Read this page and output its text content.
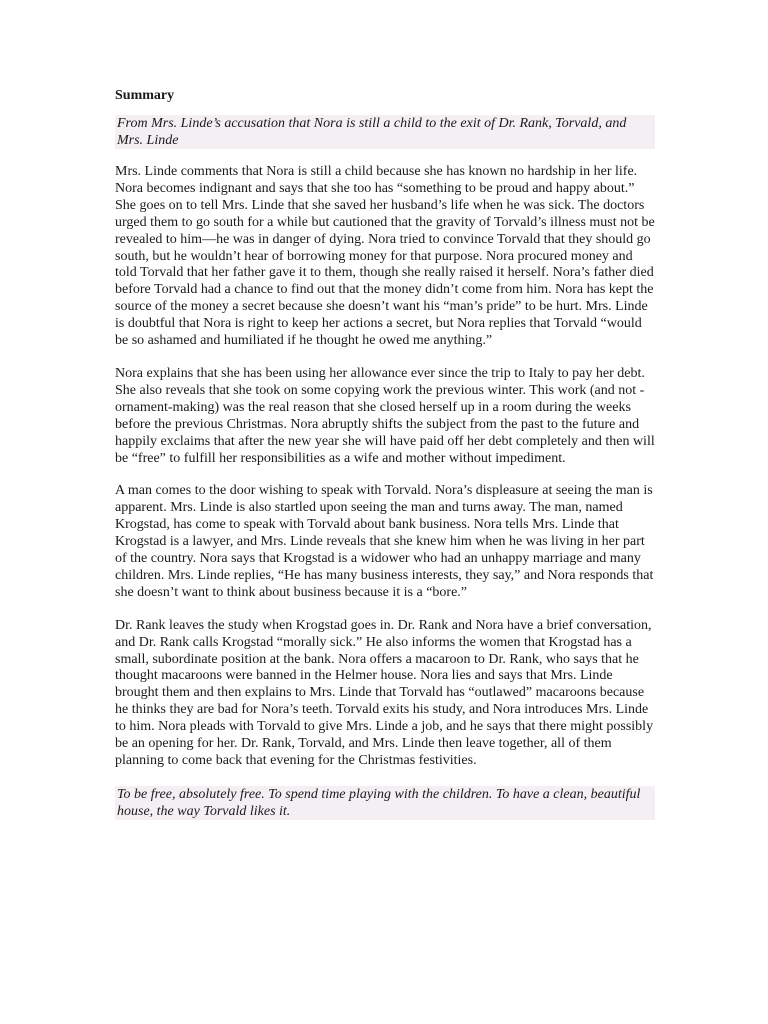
Summary
From Mrs. Linde’s accusation that Nora is still a child to the exit of Dr. Rank, Torvald, and Mrs. Linde

Mrs. Linde comments that Nora is still a child because she has known no hardship in her life. Nora becomes indignant and says that she too has “something to be proud and happy about.” She goes on to tell Mrs. Linde that she saved her husband’s life when he was sick. The doctors urged them to go south for a while but cautioned that the gravity of Torvald’s illness must not be revealed to him—he was in danger of dying. Nora tried to convince Torvald that they should go south, but he wouldn’t hear of borrowing money for that purpose. Nora procured money and told Torvald that her father gave it to them, though she really raised it herself. Nora’s father died before Torvald had a chance to find out that the money didn’t come from him. Nora has kept the source of the money a secret because she doesn’t want his “man’s pride” to be hurt. Mrs. Linde is doubtful that Nora is right to keep her actions a secret, but Nora replies that Torvald “would be so ashamed and humiliated if he thought he owed me anything.”

Nora explains that she has been using her allowance ever since the trip to Italy to pay her debt. She also reveals that she took on some copying work the previous winter. This work (and not -ornament-making) was the real reason that she closed herself up in a room during the weeks before the previous Christmas. Nora abruptly shifts the subject from the past to the future and happily exclaims that after the new year she will have paid off her debt completely and then will be “free” to fulfill her responsibilities as a wife and mother without impediment.

A man comes to the door wishing to speak with Torvald. Nora’s displeasure at seeing the man is apparent. Mrs. Linde is also startled upon seeing the man and turns away. The man, named Krogstad, has come to speak with Torvald about bank business. Nora tells Mrs. Linde that Krogstad is a lawyer, and Mrs. Linde reveals that she knew him when he was living in her part of the country. Nora says that Krogstad is a widower who had an unhappy marriage and many children. Mrs. Linde replies, “He has many business interests, they say,” and Nora responds that she doesn’t want to think about business because it is a “bore.”

Dr. Rank leaves the study when Krogstad goes in. Dr. Rank and Nora have a brief conversation, and Dr. Rank calls Krogstad “morally sick.” He also informs the women that Krogstad has a small, subordinate position at the bank. Nora offers a macaroon to Dr. Rank, who says that he thought macaroons were banned in the Helmer house. Nora lies and says that Mrs. Linde brought them and then explains to Mrs. Linde that Torvald has “outlawed” macaroons because he thinks they are bad for Nora’s teeth. Torvald exits his study, and Nora introduces Mrs. Linde to him. Nora pleads with Torvald to give Mrs. Linde a job, and he says that there might possibly be an opening for her. Dr. Rank, Torvald, and Mrs. Linde then leave together, all of them planning to come back that evening for the Christmas festivities.

To be free, absolutely free. To spend time playing with the children. To have a clean, beautiful house, the way Torvald likes it.
